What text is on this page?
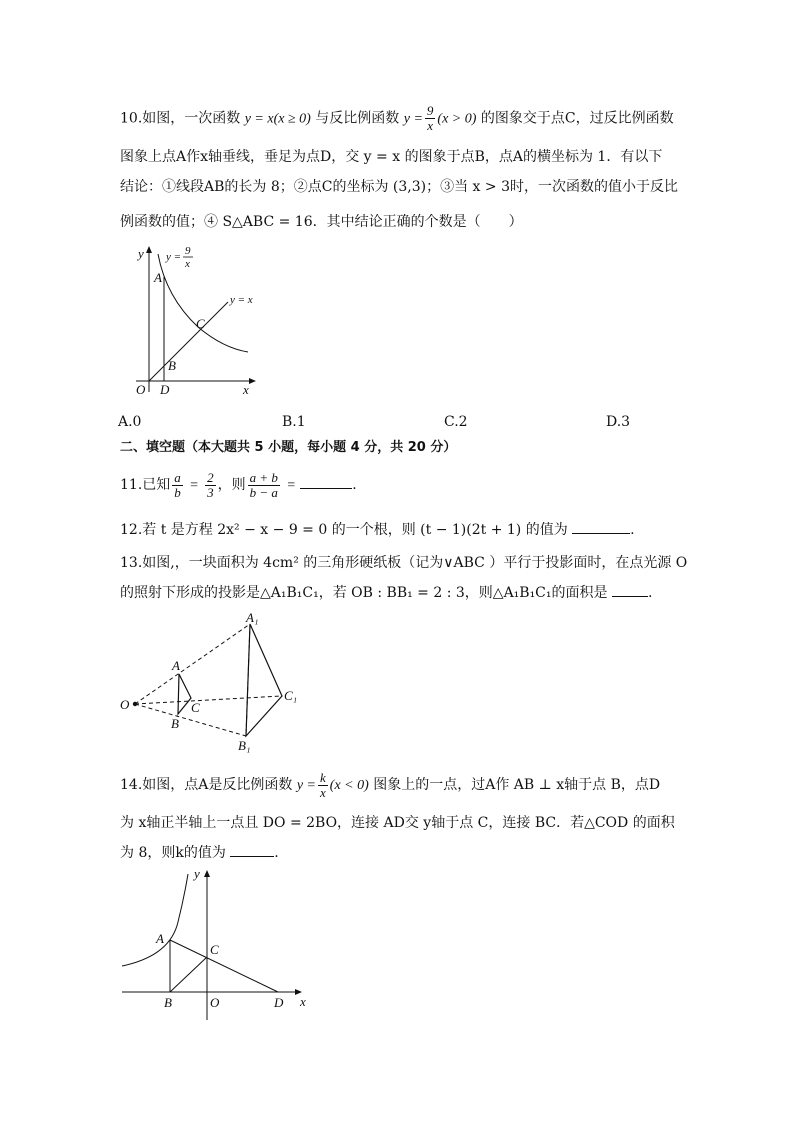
10.如图，一次函数 y = x(x ≥ 0) 与反比例函数 $y = \frac{9}{x} (x > 0)$ 的图象交于点C，过反比例函数
图象上点A作x轴垂线，垂足为点D，交 y = x 的图象于点B，点A的横坐标为 1．有以下
结论：①线段AB的长为 8；②点C的坐标为 (3,3)；③当 x > 3时，一次函数的值小于反比
例函数的值；④ S△ABC = 16．其中结论正确的个数是（　　）
y
x
O D
A
B
C
y = 9
x
y = x
A.0	B.1	C.2	D.3
二、填空题（本大题共 5 小题，每小题 4 分，共 20 分）
11.已知 $\frac{a}{b} = \frac{2}{3}$ ，则 $\frac{a + b}{b - a}$ =	.
12.若 t 是方程 2x² − x − 9 = 0 的一个根，则 (t − 1)(2t + 1) 的值为	.
13.如图,，一块面积为 4cm² 的三角形硬纸板（记为∨ABC ）平行于投影面时，在点光源 O
的照射下形成的投影是△A₁B₁C₁，若 OB : BB₁ = 2 : 3，则△A₁B₁C₁的面积是	.
O
A
B
C
A₁
B₁
C₁
14.如图，点A是反比例函数 $y = \frac{k}{x} (x < 0)$ 图象上的一点，过A作 AB ⊥ x轴于点 B，点D
为 x轴正半轴上一点且 DO = 2BO，连接 AD交 y轴于点 C，连接 BC．若△COD 的面积
为 8，则k的值为	.
y
x
A
B
C
O	D
